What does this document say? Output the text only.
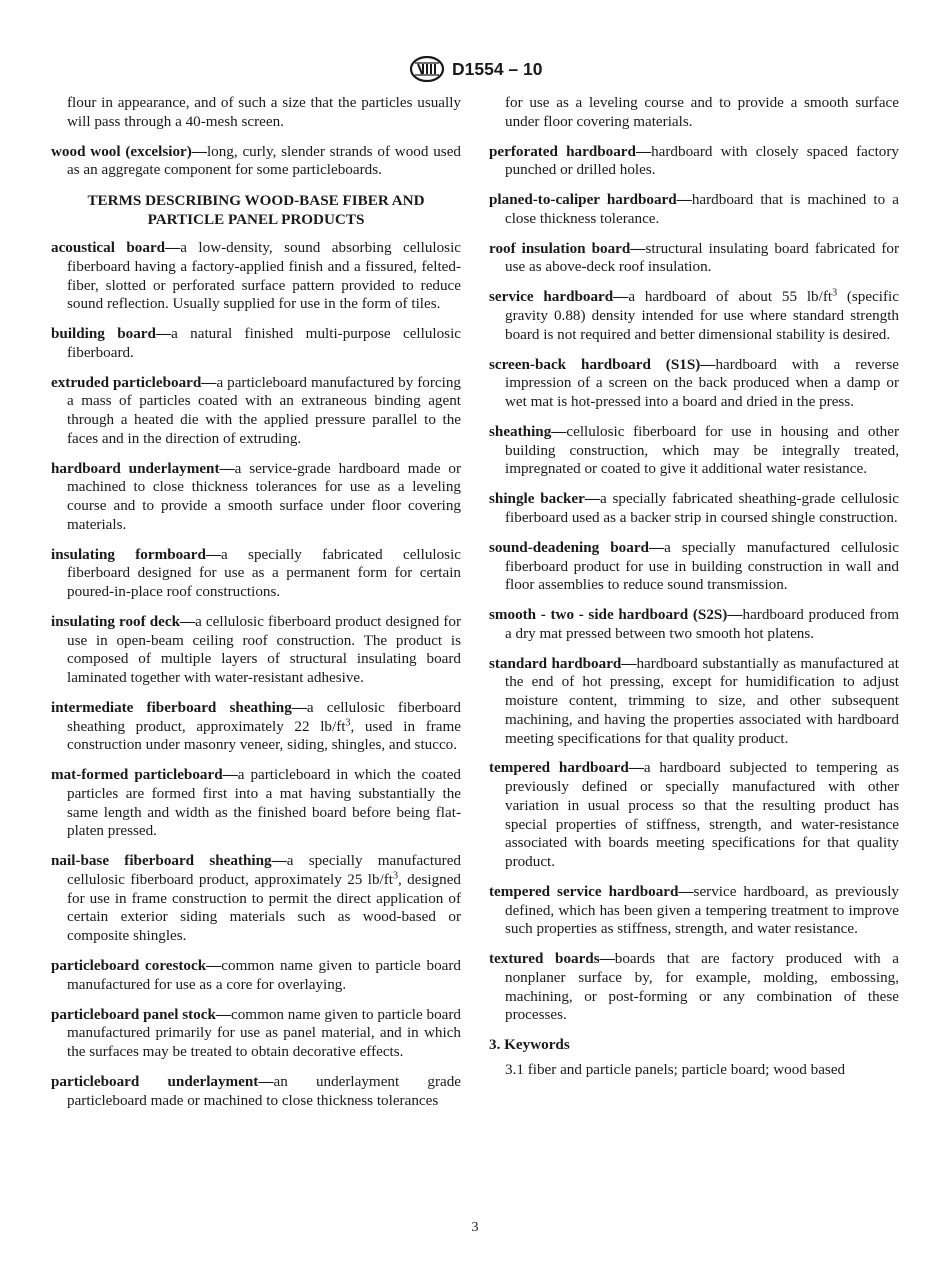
D1554 – 10

flour in appearance, and of such a size that the particles usually will pass through a 40-mesh screen.

wood wool (excelsior)—long, curly, slender strands of wood used as an aggregate component for some particleboards.

TERMS DESCRIBING WOOD-BASE FIBER AND PARTICLE PANEL PRODUCTS

acoustical board—a low-density, sound absorbing cellulosic fiberboard having a factory-applied finish and a fissured, felted-fiber, slotted or perforated surface pattern provided to reduce sound reflection. Usually supplied for use in the form of tiles.

building board—a natural finished multi-purpose cellulosic fiberboard.

extruded particleboard—a particleboard manufactured by forcing a mass of particles coated with an extraneous binding agent through a heated die with the applied pressure parallel to the faces and in the direction of extruding.

hardboard underlayment—a service-grade hardboard made or machined to close thickness tolerances for use as a leveling course and to provide a smooth surface under floor covering materials.

insulating formboard—a specially fabricated cellulosic fiberboard designed for use as a permanent form for certain poured-in-place roof constructions.

insulating roof deck—a cellulosic fiberboard product designed for use in open-beam ceiling roof construction. The product is composed of multiple layers of structural insulating board laminated together with water-resistant adhesive.

intermediate fiberboard sheathing—a cellulosic fiberboard sheathing product, approximately 22 $lb/ft^3$, used in frame construction under masonry veneer, siding, shingles, and stucco.

mat-formed particleboard—a particleboard in which the coated particles are formed first into a mat having substantially the same length and width as the finished board before being flat-platen pressed.

nail-base fiberboard sheathing—a specially manufactured cellulosic fiberboard product, approximately 25 $lb/ft^3$, designed for use in frame construction to permit the direct application of certain exterior siding materials such as wood-based or composite shingles.

particleboard corestock—common name given to particle board manufactured for use as a core for overlaying.

particleboard panel stock—common name given to particle board manufactured primarily for use as panel material, and in which the surfaces may be treated to obtain decorative effects.

particleboard underlayment—an underlayment grade particleboard made or machined to close thickness tolerances

for use as a leveling course and to provide a smooth surface under floor covering materials.

perforated hardboard—hardboard with closely spaced factory punched or drilled holes.

planed-to-caliper hardboard—hardboard that is machined to a close thickness tolerance.

roof insulation board—structural insulating board fabricated for use as above-deck roof insulation.

service hardboard—a hardboard of about 55 $lb/ft^3$ (specific gravity 0.88) density intended for use where standard strength board is not required and better dimensional stability is desired.

screen-back hardboard (S1S)—hardboard with a reverse impression of a screen on the back produced when a damp or wet mat is hot-pressed into a board and dried in the press.

sheathing—cellulosic fiberboard for use in housing and other building construction, which may be integrally treated, impregnated or coated to give it additional water resistance.

shingle backer—a specially fabricated sheathing-grade cellulosic fiberboard used as a backer strip in coursed shingle construction.

sound-deadening board—a specially manufactured cellulosic fiberboard product for use in building construction in wall and floor assemblies to reduce sound transmission.

smooth - two - side hardboard (S2S)—hardboard produced from a dry mat pressed between two smooth hot platens.

standard hardboard—hardboard substantially as manufactured at the end of hot pressing, except for humidification to adjust moisture content, trimming to size, and other subsequent machining, and having the properties associated with hardboard meeting specifications for that quality product.

tempered hardboard—a hardboard subjected to tempering as previously defined or specially manufactured with other variation in usual process so that the resulting product has special properties of stiffness, strength, and water-resistance associated with boards meeting specifications for that quality product.

tempered service hardboard—service hardboard, as previously defined, which has been given a tempering treatment to improve such properties as stiffness, strength, and water resistance.

textured boards—boards that are factory produced with a nonplaner surface by, for example, molding, embossing, machining, or post-forming or any combination of these processes.

3. Keywords

3.1 fiber and particle panels; particle board; wood based

3
